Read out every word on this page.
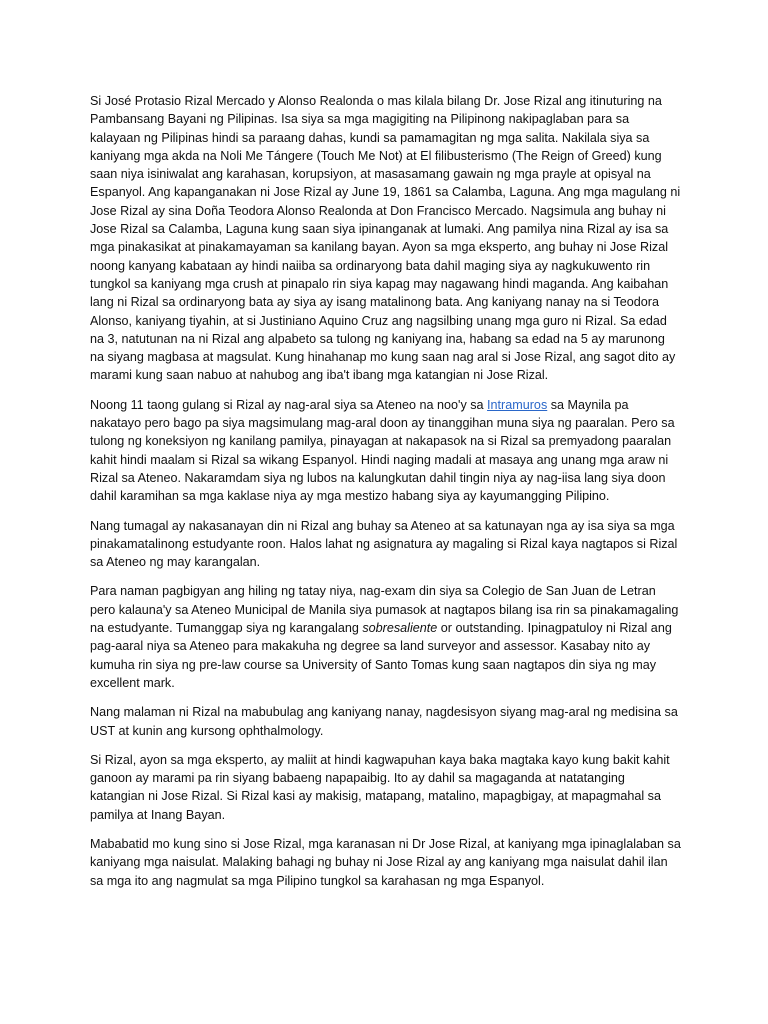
Si José Protasio Rizal Mercado y Alonso Realonda o mas kilala bilang Dr. Jose Rizal ang itinuturing na Pambansang Bayani ng Pilipinas. Isa siya sa mga magigiting na Pilipinong nakipaglaban para sa kalayaan ng Pilipinas hindi sa paraang dahas, kundi sa pamamagitan ng mga salita. Nakilala siya sa kaniyang mga akda na Noli Me Tángere (Touch Me Not) at El filibusterismo (The Reign of Greed) kung saan niya isiniwalat ang karahasan, korupsiyon, at masasamang gawain ng mga prayle at opisyal na Espanyol. Ang kapanganakan ni Jose Rizal ay June 19, 1861 sa Calamba, Laguna. Ang mga magulang ni Jose Rizal ay sina Doña Teodora Alonso Realonda at Don Francisco Mercado. Nagsimula ang buhay ni Jose Rizal sa Calamba, Laguna kung saan siya ipinanganak at lumaki. Ang pamilya nina Rizal ay isa sa mga pinakasikat at pinakamayaman sa kanilang bayan. Ayon sa mga eksperto, ang buhay ni Jose Rizal noong kanyang kabataan ay hindi naiiba sa ordinaryong bata dahil maging siya ay nagkukuwento rin tungkol sa kaniyang mga crush at pinapalo rin siya kapag may nagawang hindi maganda. Ang kaibahan lang ni Rizal sa ordinaryong bata ay siya ay isang matalinong bata. Ang kaniyang nanay na si Teodora Alonso, kaniyang tiyahin, at si Justiniano Aquino Cruz ang nagsilbing unang mga guro ni Rizal. Sa edad na 3, natutunan na ni Rizal ang alpabeto sa tulong ng kaniyang ina, habang sa edad na 5 ay marunong na siyang magbasa at magsulat. Kung hinahanap mo kung saan nag aral si Jose Rizal, ang sagot dito ay marami kung saan nabuo at nahubog ang iba't ibang mga katangian ni Jose Rizal.

Noong 11 taong gulang si Rizal ay nag-aral siya sa Ateneo na noo'y sa Intramuros sa Maynila pa nakatayo pero bago pa siya magsimulang mag-aral doon ay tinanggihan muna siya ng paaralan. Pero sa tulong ng koneksiyon ng kanilang pamilya, pinayagan at nakapasok na si Rizal sa premyadong paaralan kahit hindi maalam si Rizal sa wikang Espanyol. Hindi naging madali at masaya ang unang mga araw ni Rizal sa Ateneo. Nakaramdam siya ng lubos na kalungkutan dahil tingin niya ay nag-iisa lang siya doon dahil karamihan sa mga kaklase niya ay mga mestizo habang siya ay kayumangging Pilipino.

Nang tumagal ay nakasanayan din ni Rizal ang buhay sa Ateneo at sa katunayan nga ay isa siya sa mga pinakamatalinong estudyante roon. Halos lahat ng asignatura ay magaling si Rizal kaya nagtapos si Rizal sa Ateneo ng may karangalan.

Para naman pagbigyan ang hiling ng tatay niya, nag-exam din siya sa Colegio de San Juan de Letran pero kalauna'y sa Ateneo Municipal de Manila siya pumasok at nagtapos bilang isa rin sa pinakamagaling na estudyante. Tumanggap siya ng karangalang sobresaliente or outstanding. Ipinagpatuloy ni Rizal ang pag-aaral niya sa Ateneo para makakuha ng degree sa land surveyor and assessor. Kasabay nito ay kumuha rin siya ng pre-law course sa University of Santo Tomas kung saan nagtapos din siya ng may excellent mark.

Nang malaman ni Rizal na mabubulag ang kaniyang nanay, nagdesisyon siyang mag-aral ng medisina sa UST at kunin ang kursong ophthalmology.

Si Rizal, ayon sa mga eksperto, ay maliit at hindi kagwapuhan kaya baka magtaka kayo kung bakit kahit ganoon ay marami pa rin siyang babaeng napapaibig. Ito ay dahil sa magaganda at natatanging katangian ni Jose Rizal. Si Rizal kasi ay makisig, matapang, matalino, mapagbigay, at mapagmahal sa pamilya at Inang Bayan.

Mababatid mo kung sino si Jose Rizal, mga karanasan ni Dr Jose Rizal, at kaniyang mga ipinaglalaban sa kaniyang mga naisulat. Malaking bahagi ng buhay ni Jose Rizal ay ang kaniyang mga naisulat dahil ilan sa mga ito ang nagmulat sa mga Pilipino tungkol sa karahasan ng mga Espanyol.
